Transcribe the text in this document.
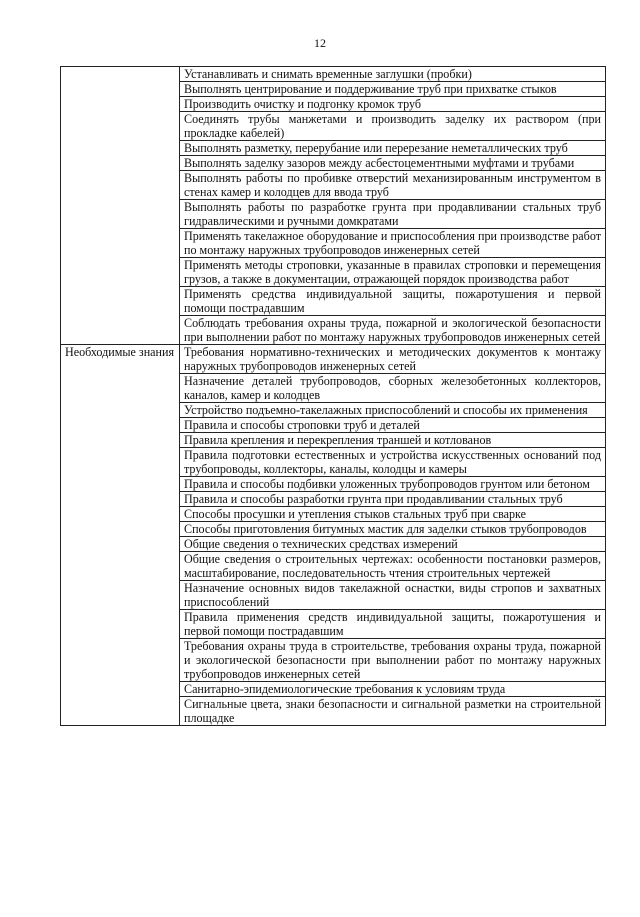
12
	Устанавливать и снимать временные заглушки (пробки)
	Выполнять центрирование и поддерживание труб при прихватке стыков
	Производить очистку и подгонку кромок труб
	Соединять трубы манжетами и производить заделку их раствором (при прокладке кабелей)
	Выполнять разметку, перерубание или перерезание неметаллических труб
	Выполнять заделку зазоров между асбестоцементными муфтами и трубами
	Выполнять работы по пробивке отверстий механизированным инструментом в стенах камер и колодцев для ввода труб
	Выполнять работы по разработке грунта при продавливании стальных труб гидравлическими и ручными домкратами
	Применять такелажное оборудование и приспособления при производстве работ по монтажу наружных трубопроводов инженерных сетей
	Применять методы строповки, указанные в правилах строповки и перемещения грузов, а также в документации, отражающей порядок производства работ
	Применять средства индивидуальной защиты, пожаротушения и первой помощи пострадавшим
	Соблюдать требования охраны труда, пожарной и экологической безопасности при выполнении работ по монтажу наружных трубопроводов инженерных сетей
Необходимые знания	Требования нормативно-технических и методических документов к монтажу наружных трубопроводов инженерных сетей
	Назначение деталей трубопроводов, сборных железобетонных коллекторов, каналов, камер и колодцев
	Устройство подъемно-такелажных приспособлений и способы их применения
	Правила и способы строповки труб и деталей
	Правила крепления и перекрепления траншей и котлованов
	Правила подготовки естественных и устройства искусственных оснований под трубопроводы, коллекторы, каналы, колодцы и камеры
	Правила и способы подбивки уложенных трубопроводов грунтом или бетоном
	Правила и способы разработки грунта при продавливании стальных труб
	Способы просушки и утепления стыков стальных труб при сварке
	Способы приготовления битумных мастик для заделки стыков трубопроводов
	Общие сведения о технических средствах измерений
	Общие сведения о строительных чертежах: особенности постановки размеров, масштабирование, последовательность чтения строительных чертежей
	Назначение основных видов такелажной оснастки, виды стропов и захватных приспособлений
	Правила применения средств индивидуальной защиты, пожаротушения и первой помощи пострадавшим
	Требования охраны труда в строительстве, требования охраны труда, пожарной и экологической безопасности при выполнении работ по монтажу наружных трубопроводов инженерных сетей
	Санитарно-эпидемиологические требования к условиям труда
	Сигнальные цвета, знаки безопасности и сигнальной разметки на строительной площадке
